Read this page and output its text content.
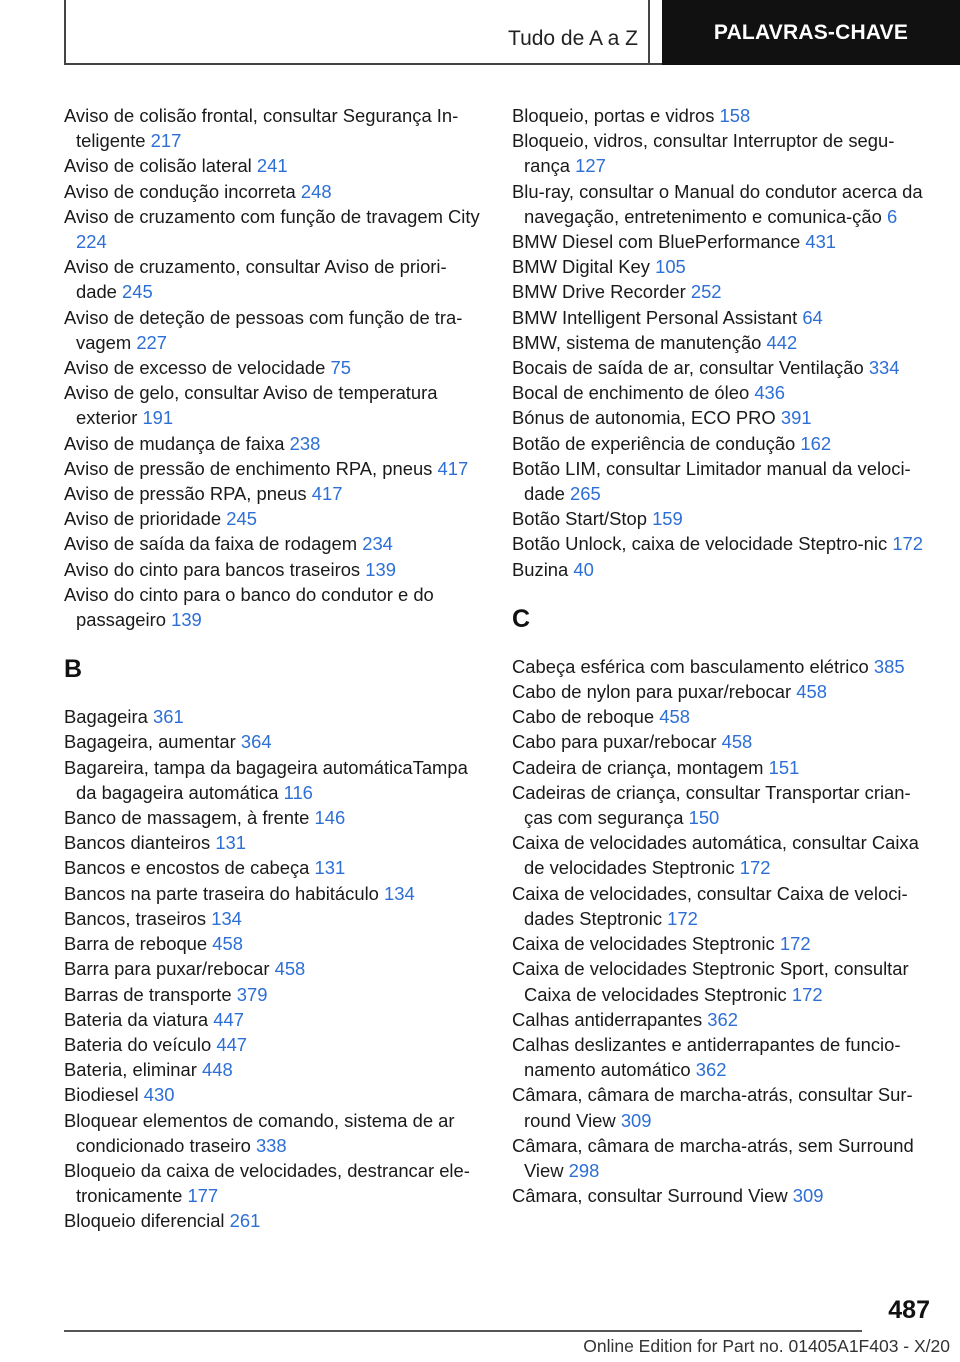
Tudo de A a Z	PALAVRAS-CHAVE
Aviso de colisão frontal, consultar Segurança In-teligente 217
Aviso de colisão lateral 241
Aviso de condução incorreta 248
Aviso de cruzamento com função de travagem City 224
Aviso de cruzamento, consultar Aviso de priori-dade 245
Aviso de deteção de pessoas com função de tra-vagem 227
Aviso de excesso de velocidade 75
Aviso de gelo, consultar Aviso de temperatura exterior 191
Aviso de mudança de faixa 238
Aviso de pressão de enchimento RPA, pneus 417
Aviso de pressão RPA, pneus 417
Aviso de prioridade 245
Aviso de saída da faixa de rodagem 234
Aviso do cinto para bancos traseiros 139
Aviso do cinto para o banco do condutor e do passageiro 139
B
Bagageira 361
Bagageira, aumentar 364
Bagareira, tampa da bagageira automáticaTampa da bagageira automática 116
Banco de massagem, à frente 146
Bancos dianteiros 131
Bancos e encostos de cabeça 131
Bancos na parte traseira do habitáculo 134
Bancos, traseiros 134
Barra de reboque 458
Barra para puxar/rebocar 458
Barras de transporte 379
Bateria da viatura 447
Bateria do veículo 447
Bateria, eliminar 448
Biodiesel 430
Bloquear elementos de comando, sistema de ar condicionado traseiro 338
Bloqueio da caixa de velocidades, destrancar ele-tronicamente 177
Bloqueio diferencial 261
Bloqueio, portas e vidros 158
Bloqueio, vidros, consultar Interruptor de segu-rança 127
Blu-ray, consultar o Manual do condutor acerca da navegação, entretenimento e comunica-ção 6
BMW Diesel com BluePerformance 431
BMW Digital Key 105
BMW Drive Recorder 252
BMW Intelligent Personal Assistant 64
BMW, sistema de manutenção 442
Bocais de saída de ar, consultar Ventilação 334
Bocal de enchimento de óleo 436
Bónus de autonomia, ECO PRO 391
Botão de experiência de condução 162
Botão LIM, consultar Limitador manual da veloci-dade 265
Botão Start/Stop 159
Botão Unlock, caixa de velocidade Steptro-nic 172
Buzina 40
C
Cabeça esférica com basculamento elétrico 385
Cabo de nylon para puxar/rebocar 458
Cabo de reboque 458
Cabo para puxar/rebocar 458
Cadeira de criança, montagem 151
Cadeiras de criança, consultar Transportar crian-ças com segurança 150
Caixa de velocidades automática, consultar Caixa de velocidades Steptronic 172
Caixa de velocidades, consultar Caixa de veloci-dades Steptronic 172
Caixa de velocidades Steptronic 172
Caixa de velocidades Steptronic Sport, consultar Caixa de velocidades Steptronic 172
Calhas antiderrapantes 362
Calhas deslizantes e antiderrapantes de funcio-namento automático 362
Câmara, câmara de marcha-atrás, consultar Sur-round View 309
Câmara, câmara de marcha-atrás, sem Surround View 298
Câmara, consultar Surround View 309
487
Online Edition for Part no. 01405A1F403 - X/20
